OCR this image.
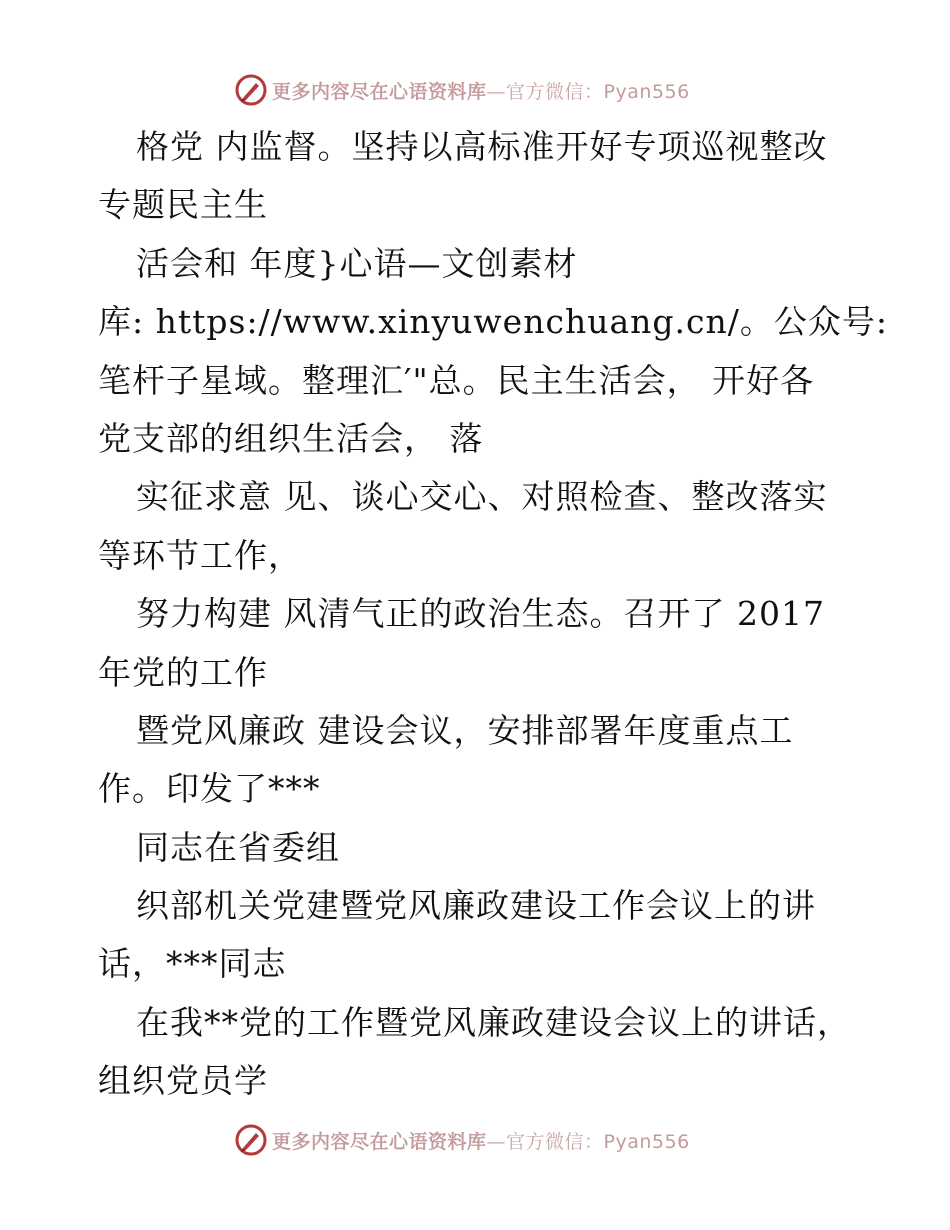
更多内容尽在心语资料库—官方微信：Pyan556
格党 内监督。坚持以高标准开好专项巡视整改
专题民主生
活会和 年度}心语—文创素材
库: https://www.xinyuwenchuang.cn/。公众号:
笔杆子星域。整理汇′"总。民主生活会， 开好各
党支部的组织生活会， 落
实征求意 见、谈心交心、对照检查、整改落实
等环节工作，
努力构建 风清气正的政治生态。召开了 2017
年党的工作
暨党风廉政 建设会议，安排部署年度重点工
作。印发了***
同志在省委组
织部机关党建暨党风廉政建设工作会议上的讲
话，***同志
在我**党的工作暨党风廉政建设会议上的讲话，
组织党员学
更多内容尽在心语资料库—官方微信：Pyan556
